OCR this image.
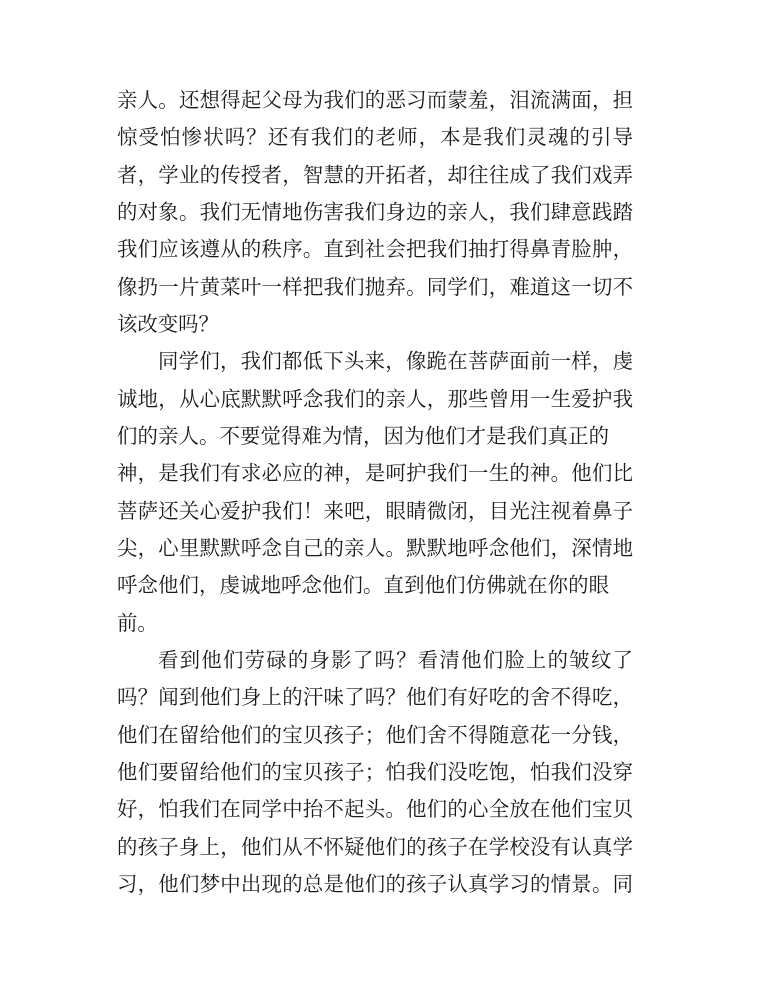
亲人。还想得起父母为我们的恶习而蒙羞，泪流满面，担
惊受怕惨状吗？还有我们的老师，本是我们灵魂的引导
者，学业的传授者，智慧的开拓者，却往往成了我们戏弄
的对象。我们无情地伤害我们身边的亲人，我们肆意践踏
我们应该遵从的秩序。直到社会把我们抽打得鼻青脸肿，
像扔一片黄菜叶一样把我们抛弃。同学们，难道这一切不
该改变吗？
同学们，我们都低下头来，像跪在菩萨面前一样，虔
诚地，从心底默默呼念我们的亲人，那些曾用一生爱护我
们的亲人。不要觉得难为情，因为他们才是我们真正的
神，是我们有求必应的神，是呵护我们一生的神。他们比
菩萨还关心爱护我们！来吧，眼睛微闭，目光注视着鼻子
尖，心里默默呼念自己的亲人。默默地呼念他们，深情地
呼念他们，虔诚地呼念他们。直到他们仿佛就在你的眼
前。
看到他们劳碌的身影了吗？看清他们脸上的皱纹了
吗？闻到他们身上的汗味了吗？他们有好吃的舍不得吃，
他们在留给他们的宝贝孩子；他们舍不得随意花一分钱，
他们要留给他们的宝贝孩子；怕我们没吃饱，怕我们没穿
好，怕我们在同学中抬不起头。他们的心全放在他们宝贝
的孩子身上，他们从不怀疑他们的孩子在学校没有认真学
习，他们梦中出现的总是他们的孩子认真学习的情景。同
